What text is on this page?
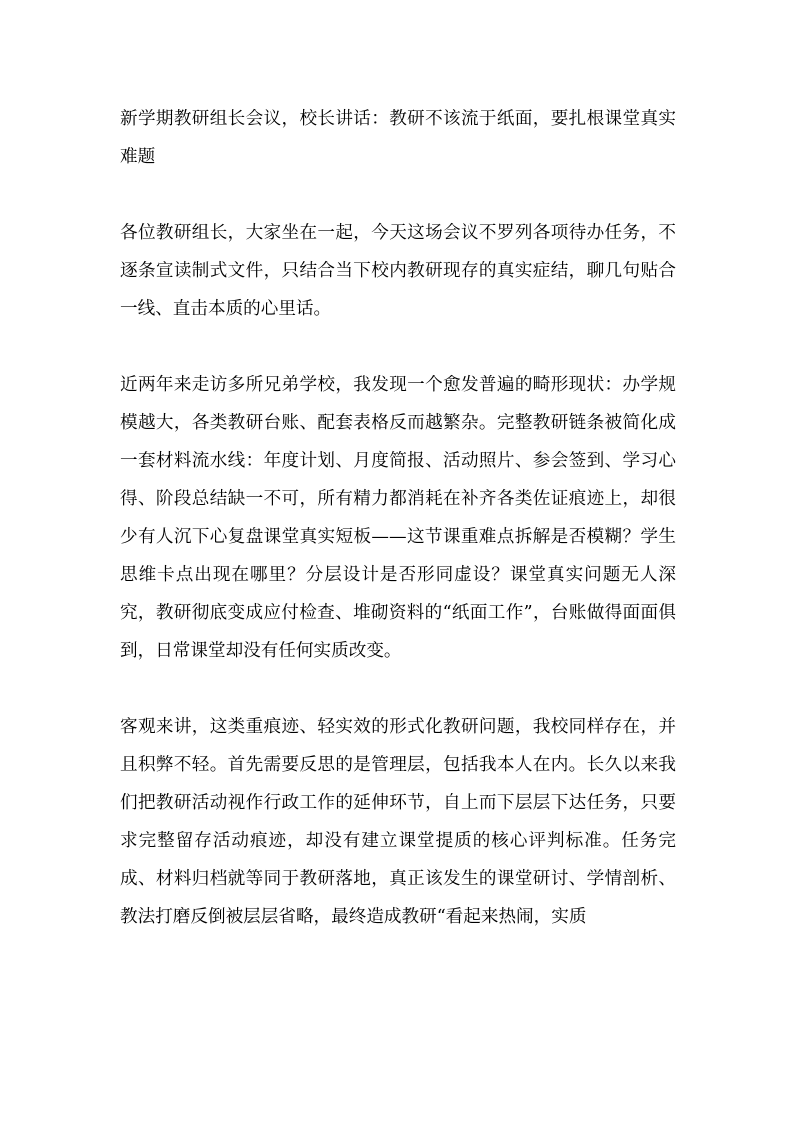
新学期教研组长会议，校长讲话：教研不该流于纸面，要扎根课堂真实难题
各位教研组长，大家坐在一起，今天这场会议不罗列各项待办任务，不逐条宣读制式文件，只结合当下校内教研现存的真实症结，聊几句贴合一线、直击本质的心里话。
近两年来走访多所兄弟学校，我发现一个愈发普遍的畸形现状：办学规模越大，各类教研台账、配套表格反而越繁杂。完整教研链条被简化成一套材料流水线：年度计划、月度简报、活动照片、参会签到、学习心得、阶段总结缺一不可，所有精力都消耗在补齐各类佐证痕迹上，却很少有人沉下心复盘课堂真实短板——这节课重难点拆解是否模糊？学生思维卡点出现在哪里？分层设计是否形同虚设？课堂真实问题无人深究，教研彻底变成应付检查、堆砌资料的“纸面工作”，台账做得面面俱到，日常课堂却没有任何实质改变。
客观来讲，这类重痕迹、轻实效的形式化教研问题，我校同样存在，并且积弊不轻。首先需要反思的是管理层，包括我本人在内。长久以来我们把教研活动视作行政工作的延伸环节，自上而下层层下达任务，只要求完整留存活动痕迹，却没有建立课堂提质的核心评判标准。任务完成、材料归档就等同于教研落地，真正该发生的课堂研讨、学情剖析、教法打磨反倒被层层省略，最终造成教研“看起来热闹，实质
